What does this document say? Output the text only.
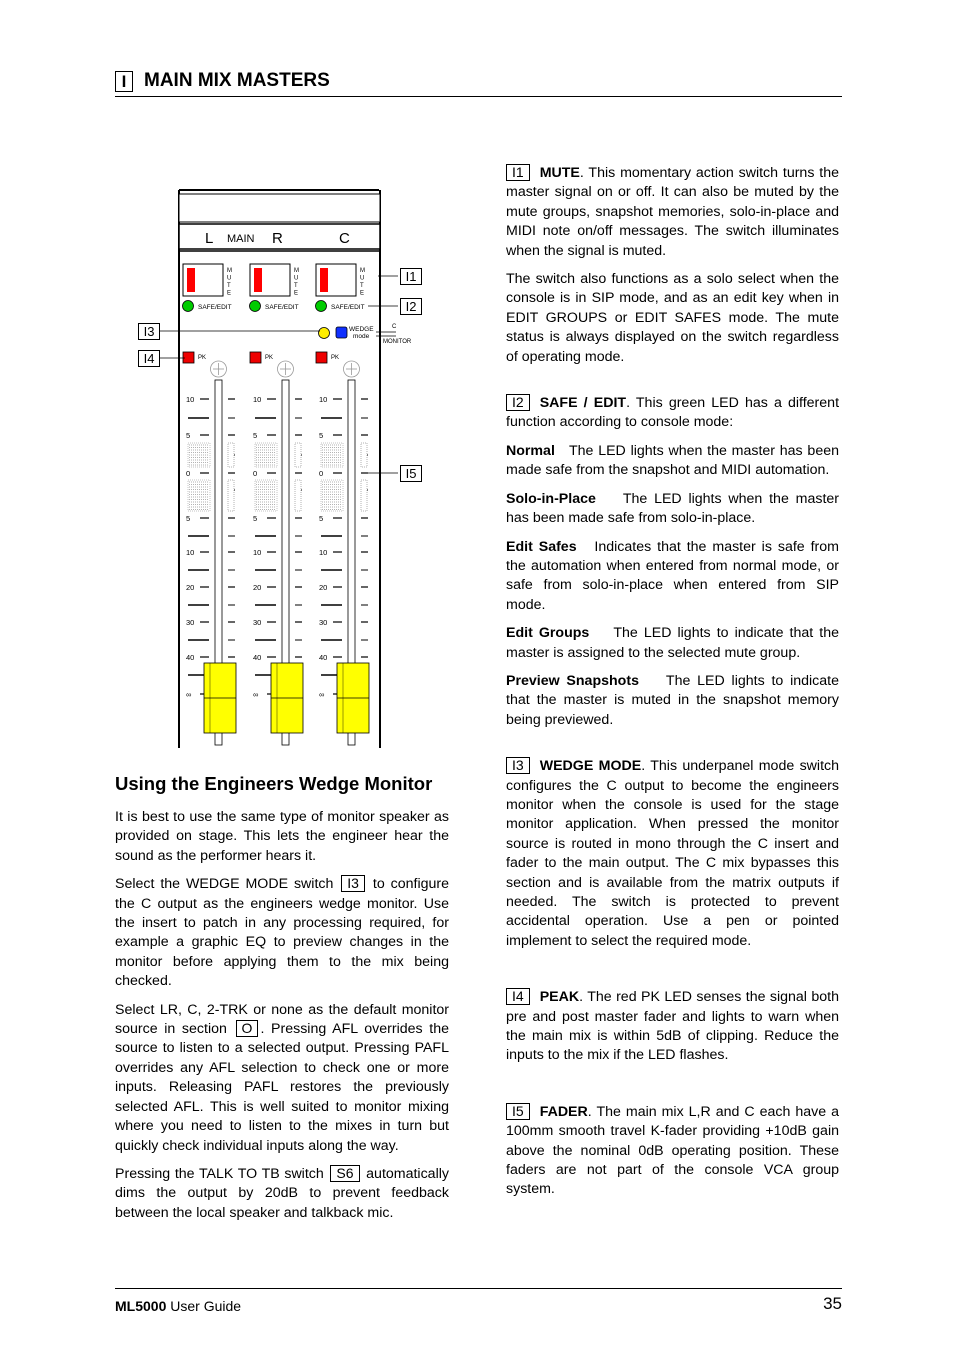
I MAIN MIX MASTERS
L MAIN R	C
M
U
T
E
SAFE/EDIT
PK
10
5
0
5
10
20
30
40
∞
M
U
T
E
SAFE/EDIT
PK
10
5
0
5
10
20
30
40
∞
M
U
T
E
SAFE/EDIT
PK
10
5
0
5
10
20
30
40
∞
WEDGE
mode
C
MONITOR
I1
I2
I3
I4
I5
Using the Engineers Wedge Monitor

It is best to use the same type of monitor speaker as provided on stage. This lets the engineer hear the sound as the performer hears it.

Select the WEDGE MODE switch I3 to configure the C output as the engineers wedge monitor. Use the insert to patch in any processing required, for example a graphic EQ to preview changes in the monitor before applying them to the mix being checked.

Select LR, C, 2-TRK or none as the default monitor source in section O . Pressing AFL overrides the source to listen to a selected output. Pressing PAFL overrides any AFL selection to check one or more inputs. Releasing PAFL restores the previously selected AFL. This is well suited to monitor mixing where you need to listen to the mixes in turn but quickly check individual inputs along the way.

Pressing the TALK TO TB switch S6 automatically dims the output by 20dB to prevent feedback between the local speaker and talkback mic.

I1 MUTE. This momentary action switch turns the master signal on or off. It can also be muted by the mute groups, snapshot memories, solo-in-place and MIDI note on/off messages. The switch illuminates when the signal is muted.

The switch also functions as a solo select when the console is in SIP mode, and as an edit key when in EDIT GROUPS or EDIT SAFES mode. The mute status is always displayed on the switch regardless of operating mode.

I2 SAFE / EDIT. This green LED has a different function according to console mode:

Normal The LED lights when the master has been made safe from the snapshot and MIDI automation.

Solo-in-Place The LED lights when the master has been made safe from solo-in-place.

Edit Safes Indicates that the master is safe from the automation when entered from normal mode, or safe from solo-in-place when entered from SIP mode.

Edit Groups The LED lights to indicate that the master is assigned to the selected mute group.

Preview Snapshots The LED lights to indicate that the master is muted in the snapshot memory being previewed.

I3 WEDGE MODE. This underpanel mode switch configures the C output to become the engineers monitor when the console is used for the stage monitor application. When pressed the monitor source is routed in mono through the C insert and fader to the main output. The C mix bypasses this section and is available from the matrix outputs if needed. The switch is protected to prevent accidental operation. Use a pen or pointed implement to select the required mode.

I4 PEAK. The red PK LED senses the signal both pre and post master fader and lights to warn when the main mix is within 5dB of clipping. Reduce the inputs to the mix if the LED flashes.

I5 FADER. The main mix L,R and C each have a 100mm smooth travel K-fader providing +10dB gain above the nominal 0dB operating position. These faders are not part of the console VCA group system.

ML5000 User Guide	35
